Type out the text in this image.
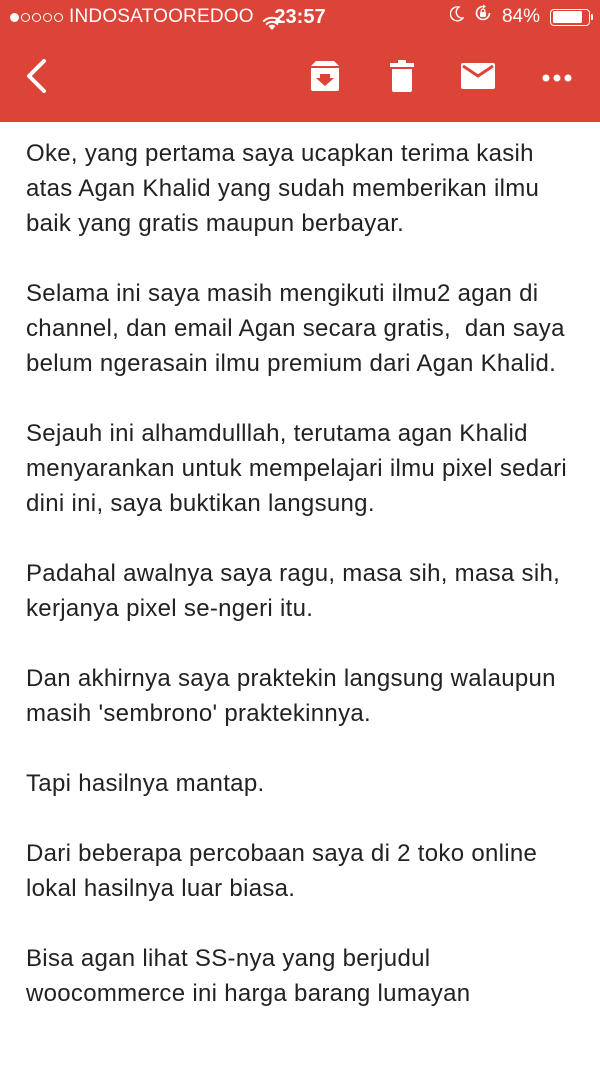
INDOSATOOREDOO	23:57	84%

Oke, yang pertama saya ucapkan terima kasih atas Agan Khalid yang sudah memberikan ilmu baik yang gratis maupun berbayar.

Selama ini saya masih mengikuti ilmu2 agan di channel, dan email Agan secara gratis,  dan saya belum ngerasain ilmu premium dari Agan Khalid.

Sejauh ini alhamdulllah, terutama agan Khalid menyarankan untuk mempelajari ilmu pixel sedari dini ini, saya buktikan langsung.

Padahal awalnya saya ragu, masa sih, masa sih, kerjanya pixel se-ngeri itu.

Dan akhirnya saya praktekin langsung walaupun masih 'sembrono' praktekinnya.

Tapi hasilnya mantap.

Dari beberapa percobaan saya di 2 toko online lokal hasilnya luar biasa.

Bisa agan lihat SS-nya yang berjudul woocommerce ini harga barang lumayan
